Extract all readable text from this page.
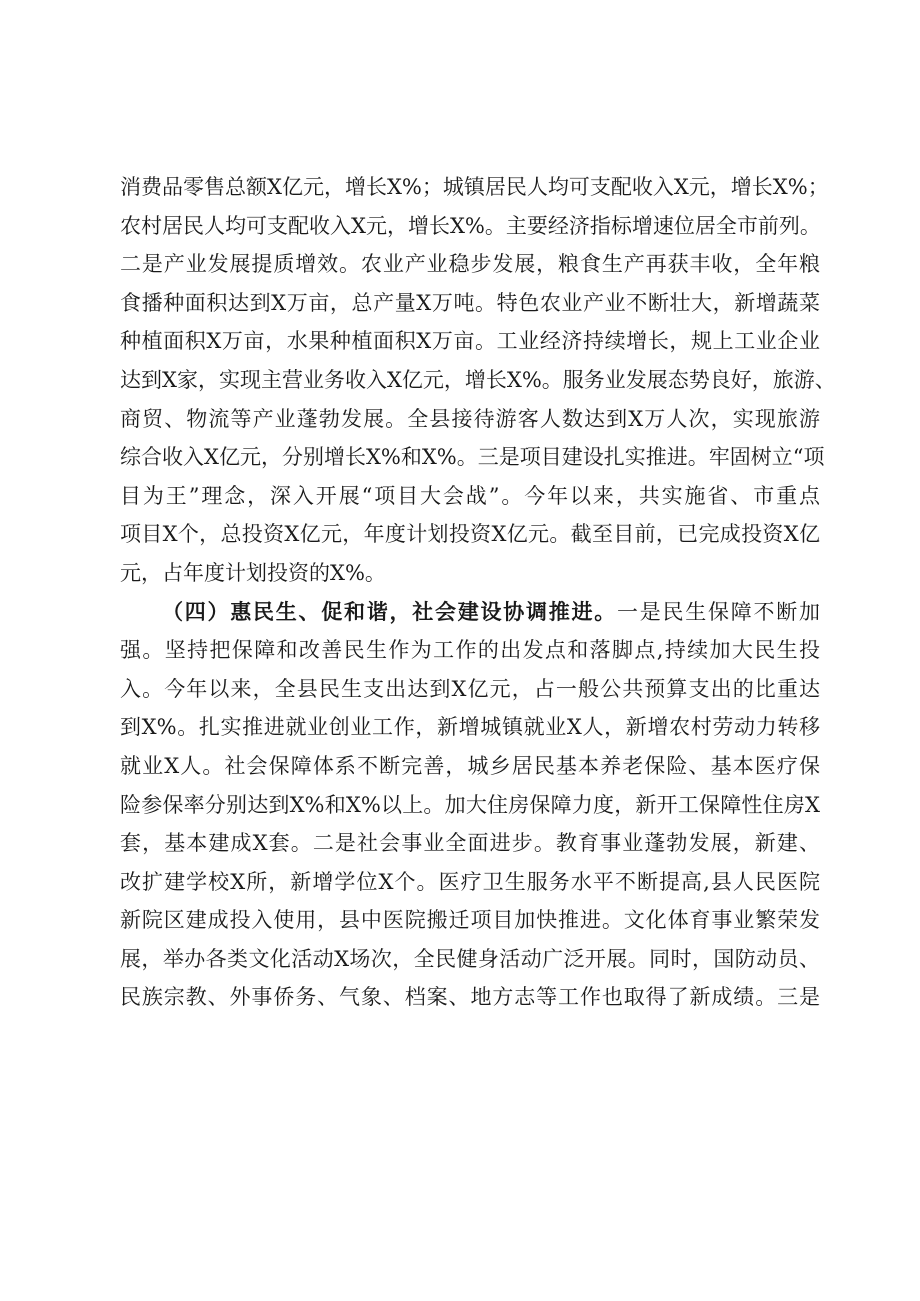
消费品零售总额X亿元，增长X%；城镇居民人均可支配收入X元，增长X%；
农村居民人均可支配收入X元，增长X%。主要经济指标增速位居全市前列。
二是产业发展提质增效。农业产业稳步发展，粮食生产再获丰收，全年粮
食播种面积达到X万亩，总产量X万吨。特色农业产业不断壮大，新增蔬菜
种植面积X万亩，水果种植面积X万亩。工业经济持续增长，规上工业企业
达到X家，实现主营业务收入X亿元，增长X%。服务业发展态势良好，旅游、
商贸、物流等产业蓬勃发展。全县接待游客人数达到X万人次，实现旅游
综合收入X亿元，分别增长X%和X%。三是项目建设扎实推进。牢固树立“项
目为王”理念，深入开展“项目大会战”。今年以来，共实施省、市重点
项目X个，总投资X亿元，年度计划投资X亿元。截至目前，已完成投资X亿
元，占年度计划投资的X%。
（四）惠民生、促和谐，社会建设协调推进。一是民生保障不断加
强。坚持把保障和改善民生作为工作的出发点和落脚点,持续加大民生投
入。今年以来，全县民生支出达到X亿元，占一般公共预算支出的比重达
到X%。扎实推进就业创业工作，新增城镇就业X人，新增农村劳动力转移
就业X人。社会保障体系不断完善，城乡居民基本养老保险、基本医疗保
险参保率分别达到X%和X%以上。加大住房保障力度，新开工保障性住房X
套，基本建成X套。二是社会事业全面进步。教育事业蓬勃发展，新建、
改扩建学校X所，新增学位X个。医疗卫生服务水平不断提高,县人民医院
新院区建成投入使用，县中医院搬迁项目加快推进。文化体育事业繁荣发
展，举办各类文化活动X场次，全民健身活动广泛开展。同时，国防动员、
民族宗教、外事侨务、气象、档案、地方志等工作也取得了新成绩。三是
